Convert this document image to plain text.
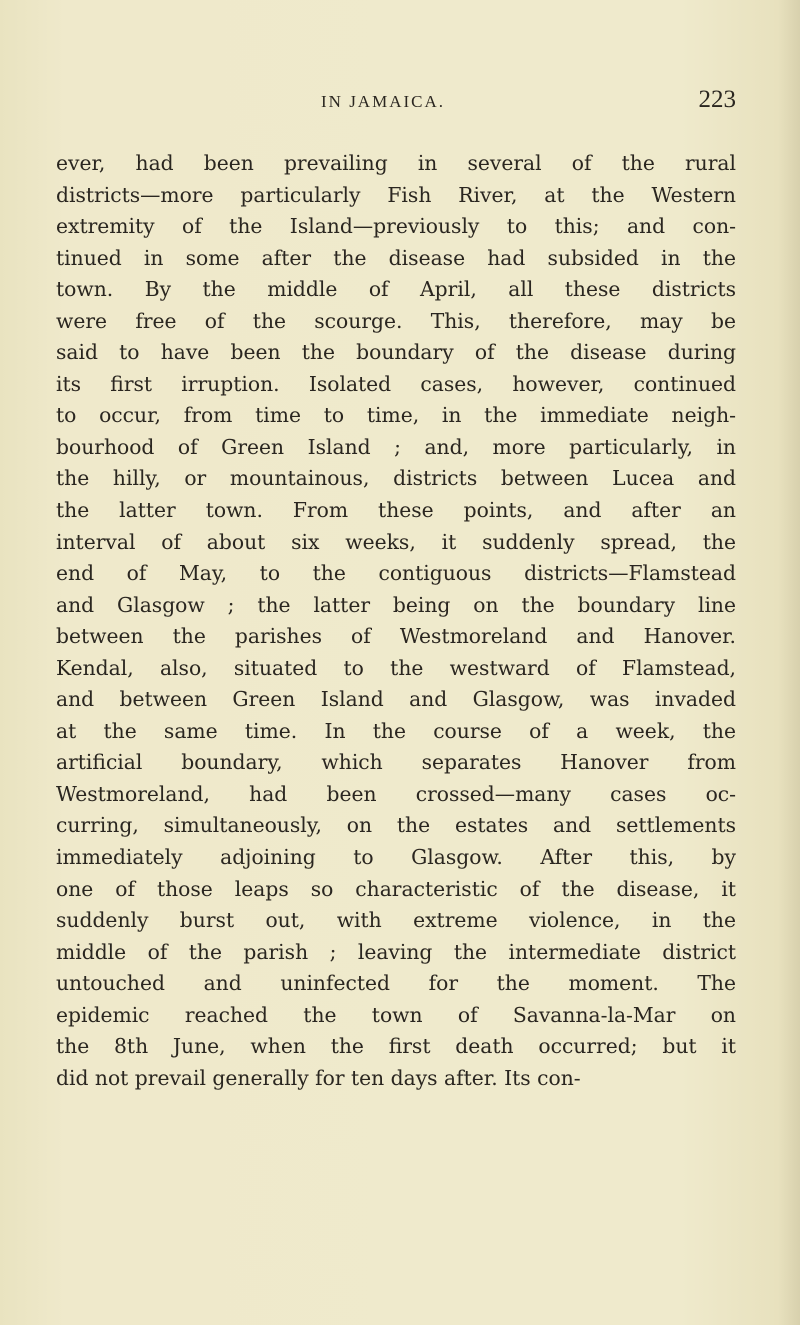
IN JAMAICA.	223
ever, had been prevailing in several of the rural
districts—more particularly Fish River, at the Western
extremity of the Island—previously to this; and con-
tinued in some after the disease had subsided in the
town. By the middle of April, all these districts
were free of the scourge. This, therefore, may be
said to have been the boundary of the disease during
its first irruption. Isolated cases, however, continued
to occur, from time to time, in the immediate neigh-
bourhood of Green Island ; and, more particularly, in
the hilly, or mountainous, districts between Lucea and
the latter town. From these points, and after an
interval of about six weeks, it suddenly spread, the
end of May, to the contiguous districts—Flamstead
and Glasgow ; the latter being on the boundary line
between the parishes of Westmoreland and Hanover.
Kendal, also, situated to the westward of Flamstead,
and between Green Island and Glasgow, was invaded
at the same time. In the course of a week, the
artificial boundary, which separates Hanover from
Westmoreland, had been crossed—many cases oc-
curring, simultaneously, on the estates and settlements
immediately adjoining to Glasgow. After this, by
one of those leaps so characteristic of the disease, it
suddenly burst out, with extreme violence, in the
middle of the parish ; leaving the intermediate district
untouched and uninfected for the moment. The
epidemic reached the town of Savanna-la-Mar on
the 8th June, when the first death occurred; but it
did not prevail generally for ten days after. Its con-
